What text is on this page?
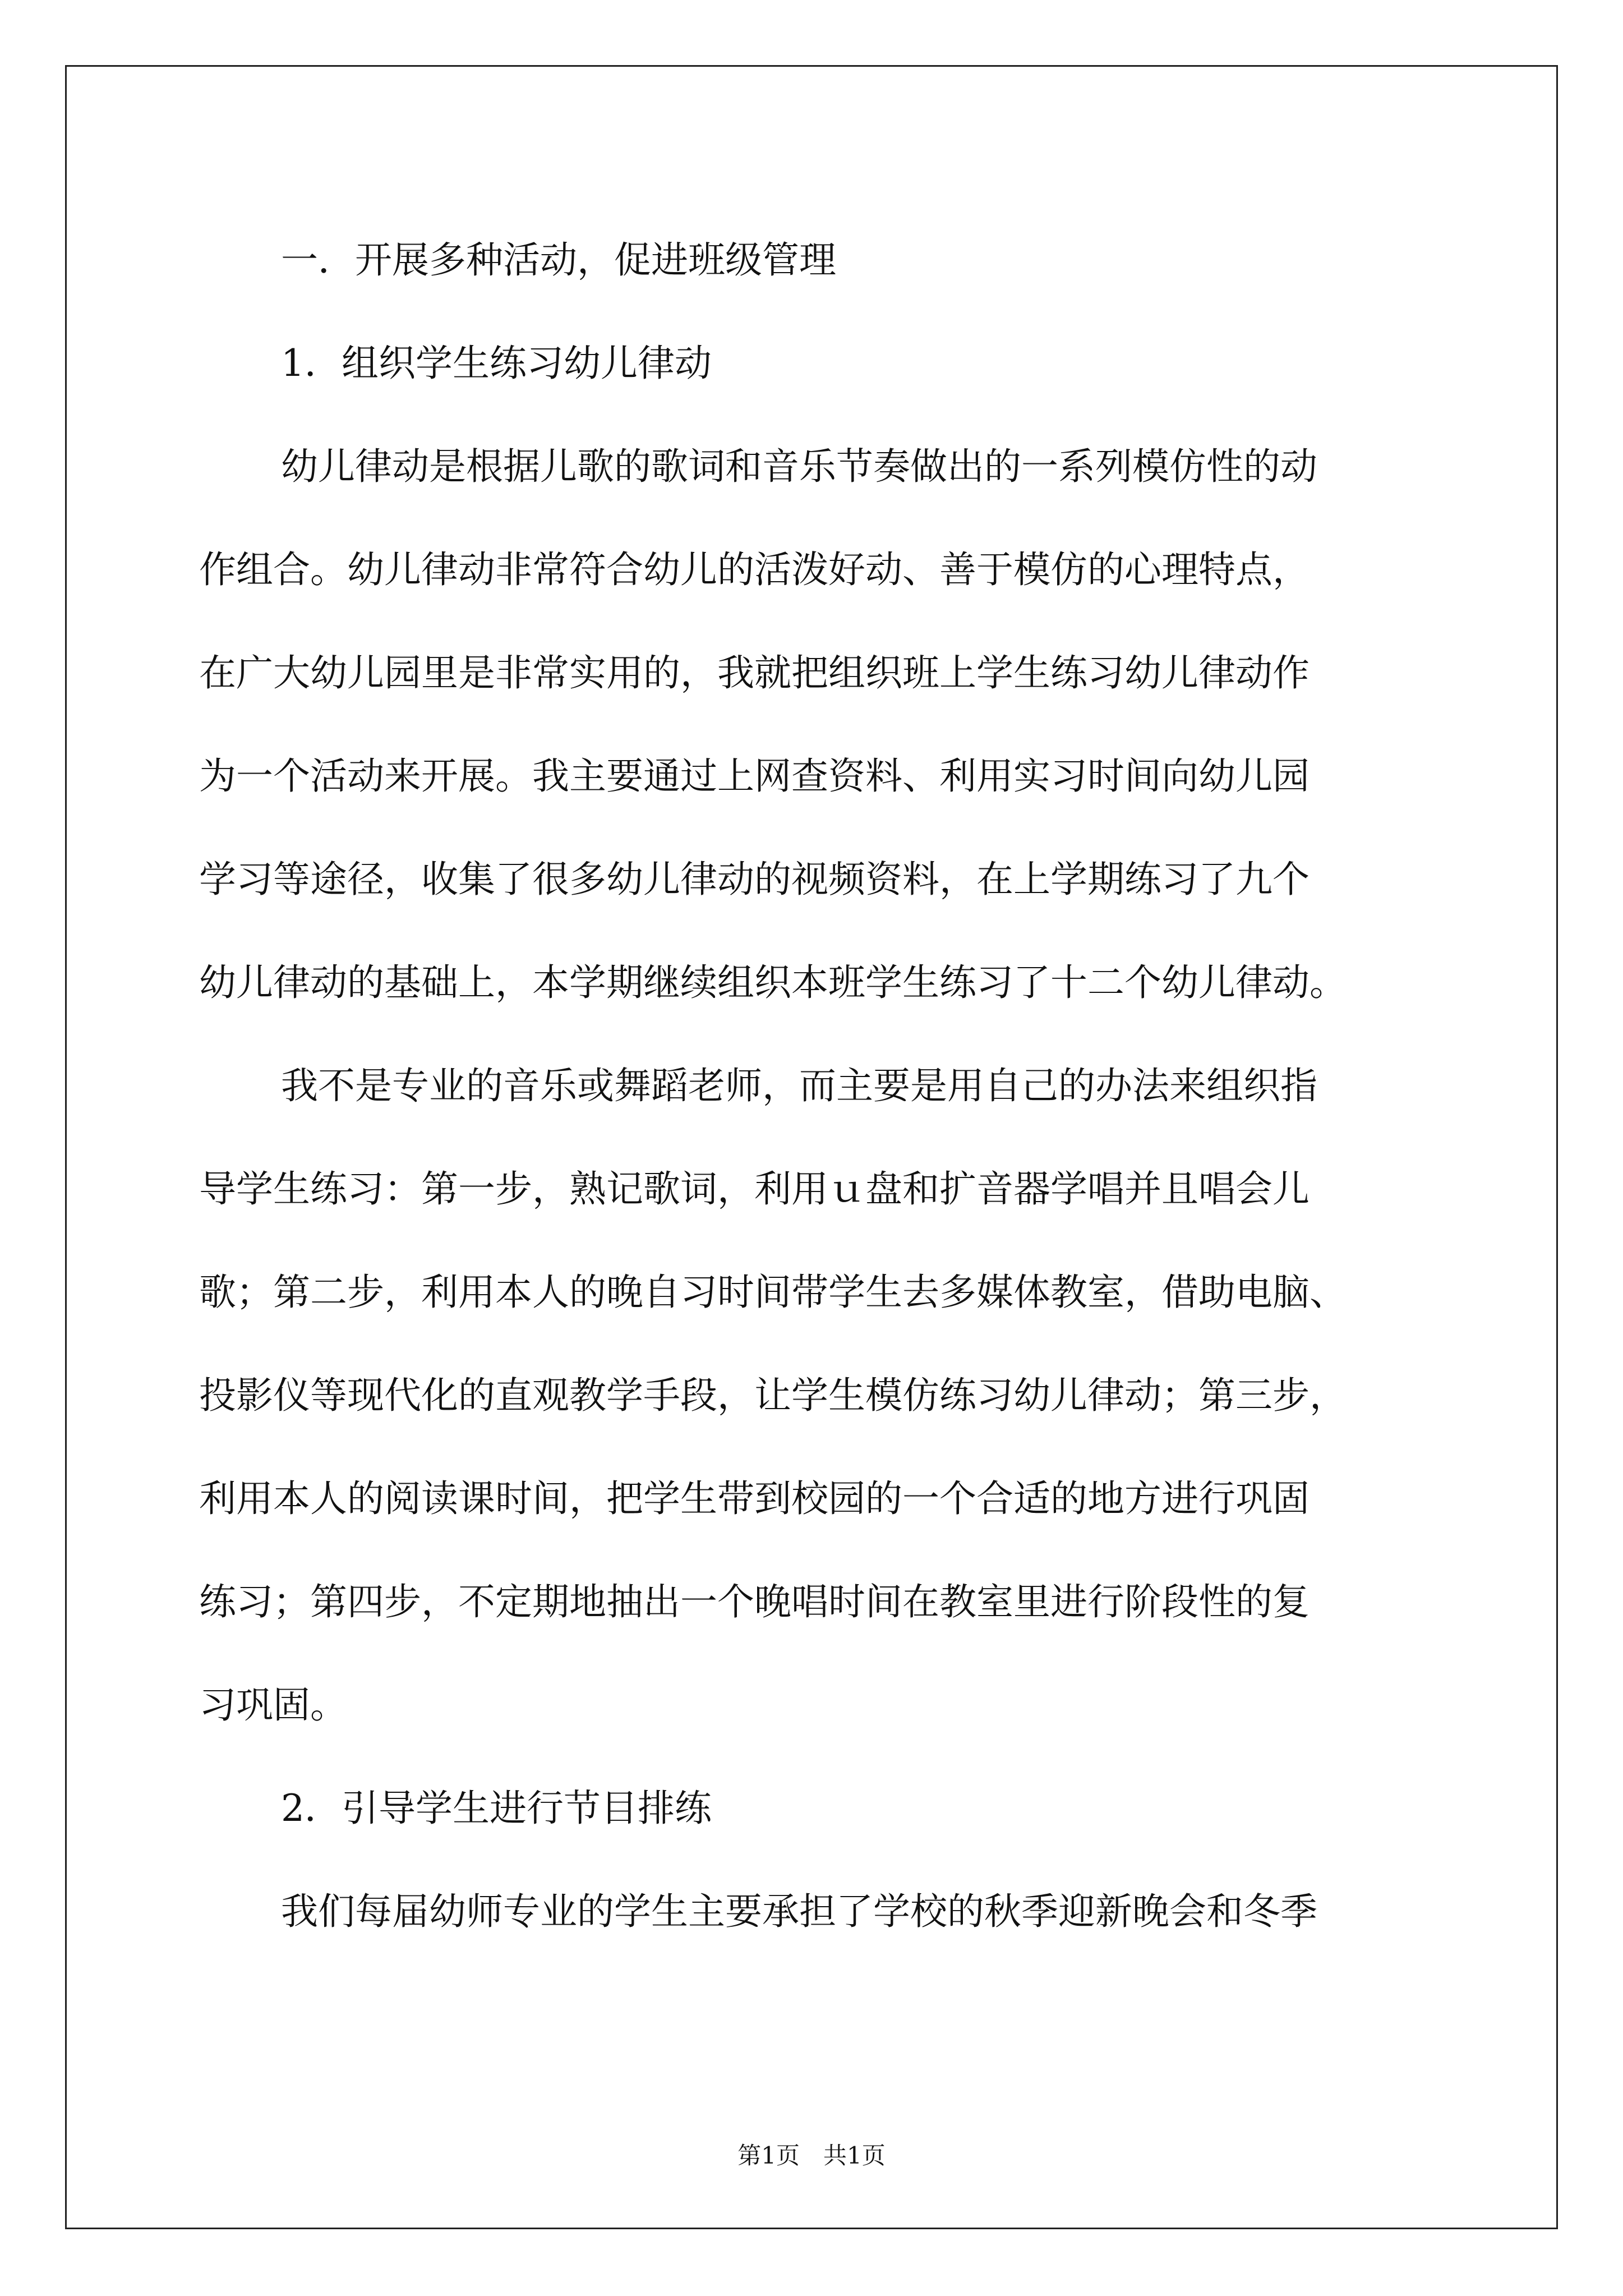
一．开展多种活动，促进班级管理

1．组织学生练习幼儿律动

幼儿律动是根据儿歌的歌词和音乐节奏做出的一系列模仿性的动
作组合。幼儿律动非常符合幼儿的活泼好动、善于模仿的心理特点，
在广大幼儿园里是非常实用的，我就把组织班上学生练习幼儿律动作
为一个活动来开展。我主要通过上网查资料、利用实习时间向幼儿园
学习等途径，收集了很多幼儿律动的视频资料，在上学期练习了九个
幼儿律动的基础上，本学期继续组织本班学生练习了十二个幼儿律动。

我不是专业的音乐或舞蹈老师，而主要是用自己的办法来组织指
导学生练习：第一步，熟记歌词，利用ｕ盘和扩音器学唱并且唱会儿
歌；第二步，利用本人的晚自习时间带学生去多媒体教室，借助电脑、
投影仪等现代化的直观教学手段，让学生模仿练习幼儿律动；第三步，
利用本人的阅读课时间，把学生带到校园的一个合适的地方进行巩固
练习；第四步，不定期地抽出一个晚唱时间在教室里进行阶段性的复
习巩固。

2．引导学生进行节目排练

我们每届幼师专业的学生主要承担了学校的秋季迎新晚会和冬季

第1页　共1页
